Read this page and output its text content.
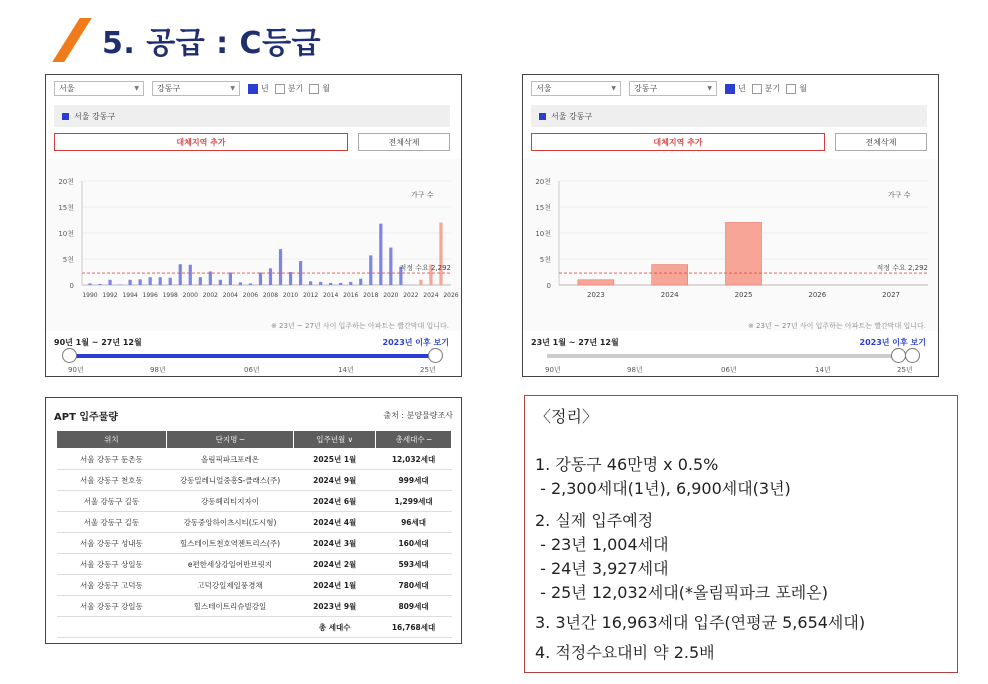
5. 공급 : C등급
서울	▼ 강동구	▼	년 분기 월
서울 강동구
대체지역 추가	전체삭제
0
5천
10천
15천
20천
가구 수
1990 1992 1994 1996 1998 2000 2002 2004 2006 2008 2010 2012 2014 2016 2018 2020 2022 2024 2026
적정 수요 2,292
※ 23년 ~ 27년 사이 입주하는 아파트는 빨간막대 입니다.
90년 1월 ~ 27년 12월	2023년 이후 보기
90년	98년	06년	14년	25년
서울	▼ 강동구	▼	년 분기 월
서울 강동구
대체지역 추가	전체삭제
0
5천
10천
15천
20천
가구 수
2023	2024	2025	2026	2027
적정 수요 2,292
※ 23년 ~ 27년 사이 입주하는 아파트는 빨간막대 입니다.
23년 1월 ~ 27년 12월	2023년 이후 보기
90년	98년	06년	14년	25년
APT 입주물량	출처 : 분양물량조사
위치	단지명 ─	입주년월 ∨	총세대수 ─
서울 강동구 둔촌동	올림픽파크포레온	2025년 1월	12,032세대
서울 강동구 천호동	강동밀레니얼중흥S-클래스(주)	2024년 9월	999세대
서울 강동구 길동	강동헤리티지자이	2024년 6월	1,299세대
서울 강동구 길동	강동중앙하이츠시티(도시형)	2024년 4월	96세대
서울 강동구 성내동	힐스테이트천호역젠트리스(주)	2024년 3월	160세대
서울 강동구 상일동	e편한세상강일어반브릿지	2024년 2월	593세대
서울 강동구 고덕동	고덕강일제일풍경채	2024년 1월	780세대
서울 강동구 강일동	힐스테이트리슈빌강일	2023년 9월	809세대
		총 세대수	16,768세대
〈정리〉
1. 강동구 46만명 x 0.5%
- 2,300세대(1년), 6,900세대(3년)
2. 실제 입주예정
- 23년 1,004세대
- 24년 3,927세대
- 25년 12,032세대(*올림픽파크 포레온)
3. 3년간 16,963세대 입주(연평균 5,654세대)
4. 적정수요대비 약 2.5배
